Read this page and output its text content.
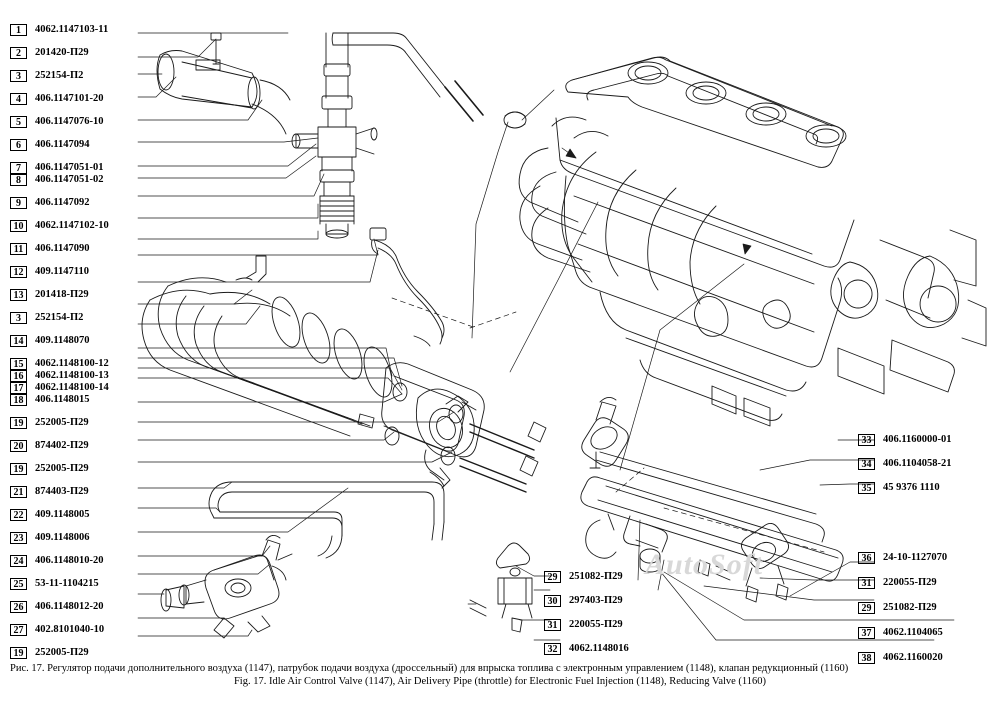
1	4062.1147103-11
2	201420-П29
3	252154-П2
4	406.1147101-20
5	406.1147076-10
6	406.1147094
7	406.1147051-01
8	406.1147051-02
9	406.1147092
10	4062.1147102-10
11	406.1147090
12	409.1147110
13	201418-П29
3	252154-П2
14	409.1148070
15	4062.1148100-12
16	4062.1148100-13
17	4062.1148100-14
18	406.1148015
19	252005-П29
20	874402-П29
19	252005-П29
21	874403-П29
22	409.1148005
23	409.1148006
24	406.1148010-20
25	53-11-1104215
26	406.1148012-20
27	402.8101040-10
19	252005-П29
29	251082-П29
30	297403-П29
31	220055-П29
32	4062.1148016
33	406.1160000-01
34	406.1104058-21
35	45 9376 1110
36	24-10-1127070
31	220055-П29
29	251082-П29
37	4062.1104065
38	4062.1160020
AutoSoft
Рис. 17. Регулятор подачи дополнительного воздуха (1147), патрубок подачи воздуха (дроссельный) для впрыска топлива с электронным управлением (1148), клапан редукционный (1160)
Fig. 17. Idle Air Control Valve (1147), Air Delivery Pipe (throttle) for Electronic Fuel Injection (1148), Reducing Valve (1160)
